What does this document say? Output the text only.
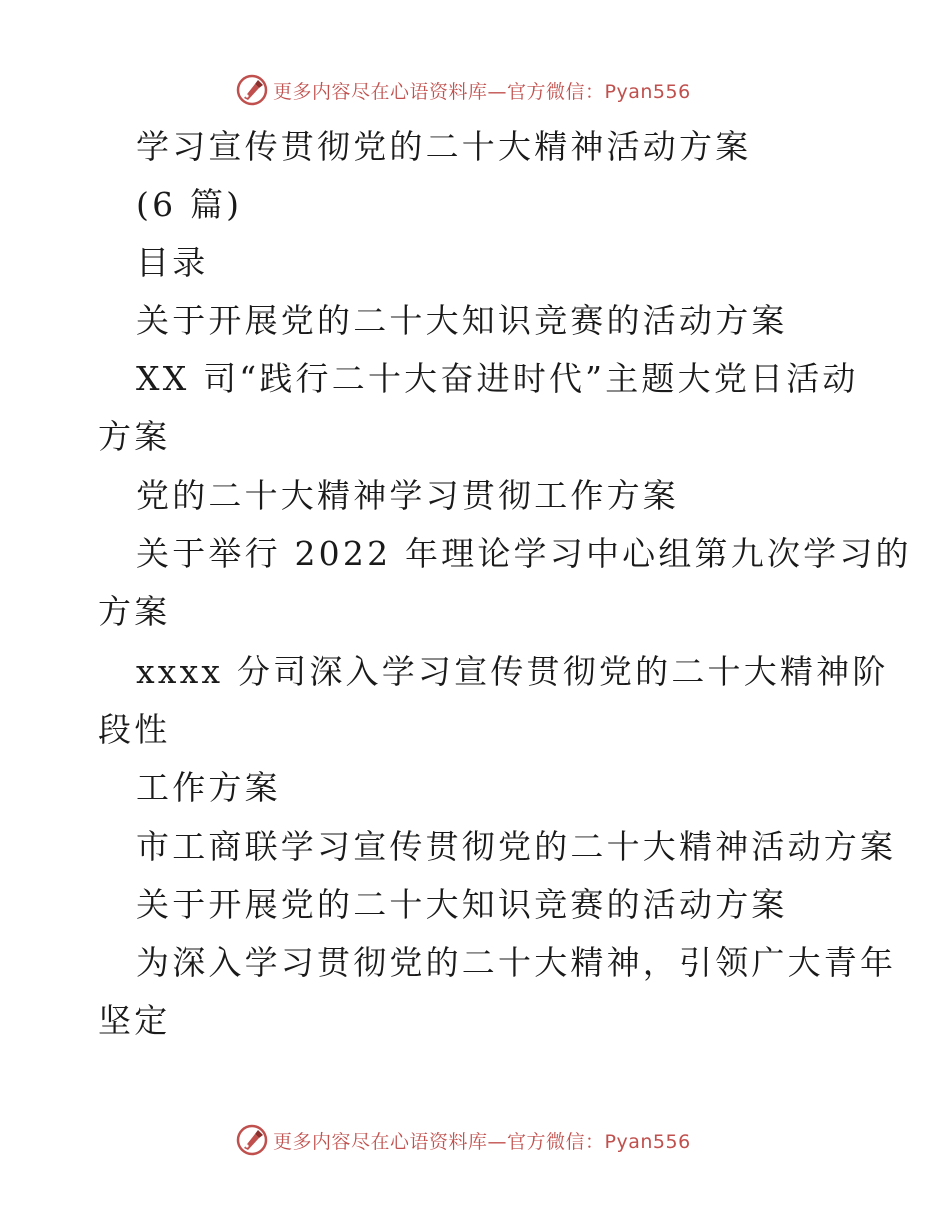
更多内容尽在心语资料库—官方微信：Pyan556
学习宣传贯彻党的二十大精神活动方案
(6 篇)
目录
关于开展党的二十大知识竞赛的活动方案
XX 司“践行二十大奋进时代”主题大党日活动
方案
党的二十大精神学习贯彻工作方案
关于举行 2022 年理论学习中心组第九次学习的
方案
xxxx 分司深入学习宣传贯彻党的二十大精神阶
段性
工作方案
市工商联学习宣传贯彻党的二十大精神活动方案
关于开展党的二十大知识竞赛的活动方案
为深入学习贯彻党的二十大精神，引领广大青年
坚定
更多内容尽在心语资料库—官方微信：Pyan556
